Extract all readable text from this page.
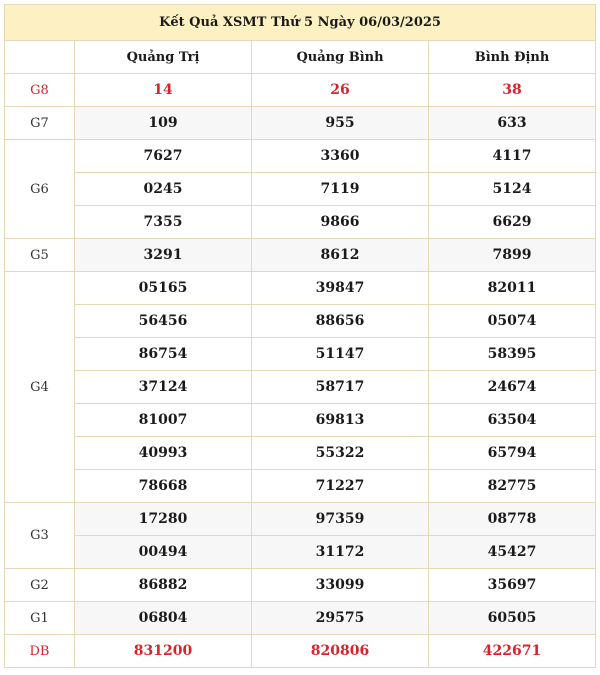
Kết Quả XSMT Thứ 5 Ngày 06/03/2025			
	Quảng Trị	Quảng Bình	Bình Định
G8	14	26	38
G7	109	955	633
G6	7627	3360	4117
	0245	7119	5124
	7355	9866	6629
G5	3291	8612	7899
G4	05165	39847	82011
	56456	88656	05074
	86754	51147	58395
	37124	58717	24674
	81007	69813	63504
	40993	55322	65794
	78668	71227	82775
G3	17280	97359	08778
	00494	31172	45427
G2	86882	33099	35697
G1	06804	29575	60505
DB	831200	820806	422671
